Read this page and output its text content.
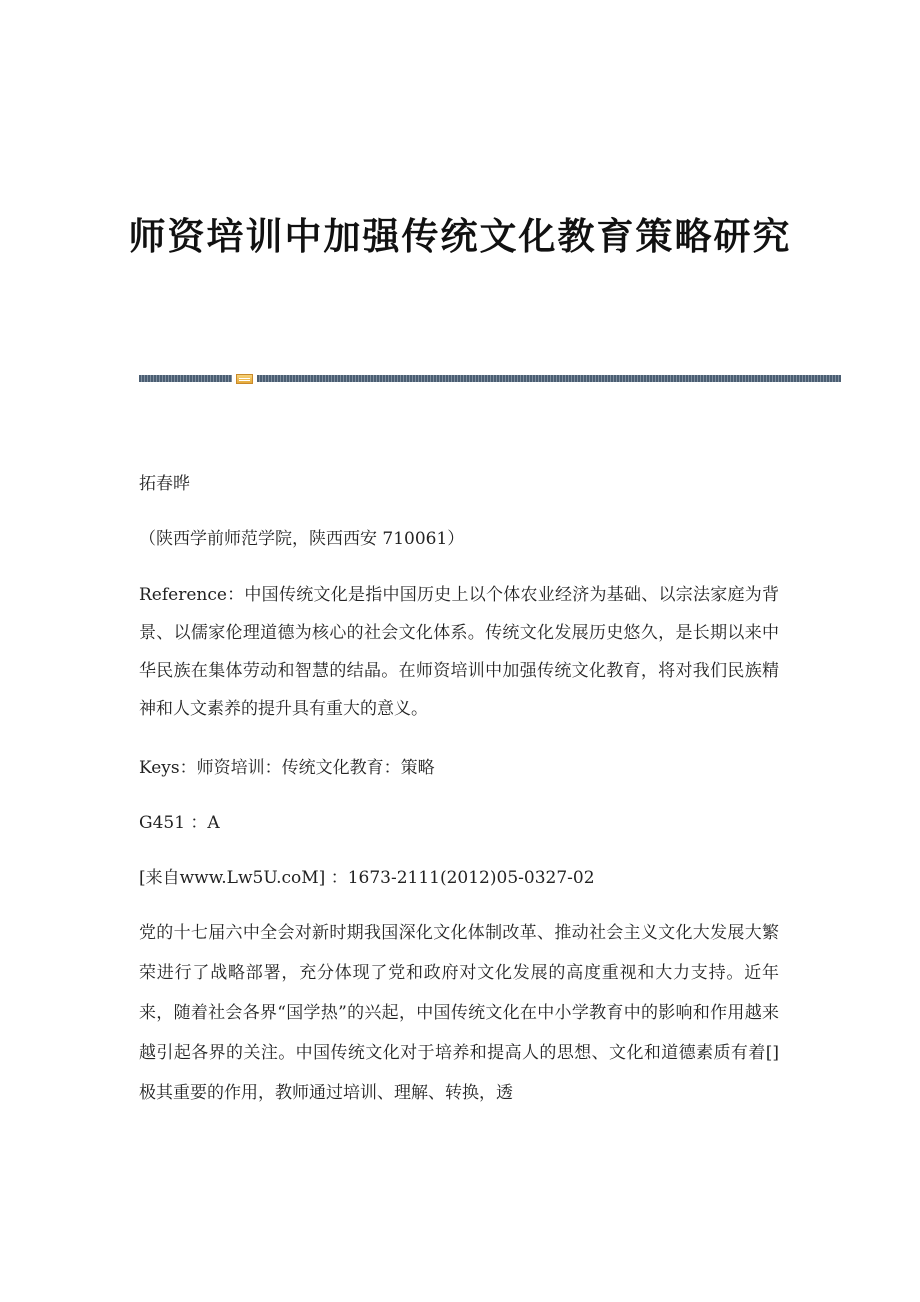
师资培训中加强传统文化教育策略研究

拓春晔

（陕西学前师范学院，陕西西安 710061）

Reference：中国传统文化是指中国历史上以个体农业经济为基础、以宗法家庭为背景、以儒家伦理道德为核心的社会文化体系。传统文化发展历史悠久，是长期以来中华民族在集体劳动和智慧的结晶。在师资培训中加强传统文化教育，将对我们民族精神和人文素养的提升具有重大的意义。

Keys：师资培训：传统文化教育：策略

G451 ：A

[来自www.Lw5U.coM] ：1673-2111(2012)05-0327-02

党的十七届六中全会对新时期我国深化文化体制改革、推动社会主义文化大发展大繁荣进行了战略部署，充分体现了党和政府对文化发展的高度重视和大力支持。近年来，随着社会各界“国学热”的兴起，中国传统文化在中小学教育中的影响和作用越来越引起各界的关注。中国传统文化对于培养和提高人的思想、文化和道德素质有着[]极其重要的作用，教师通过培训、理解、转换，透
